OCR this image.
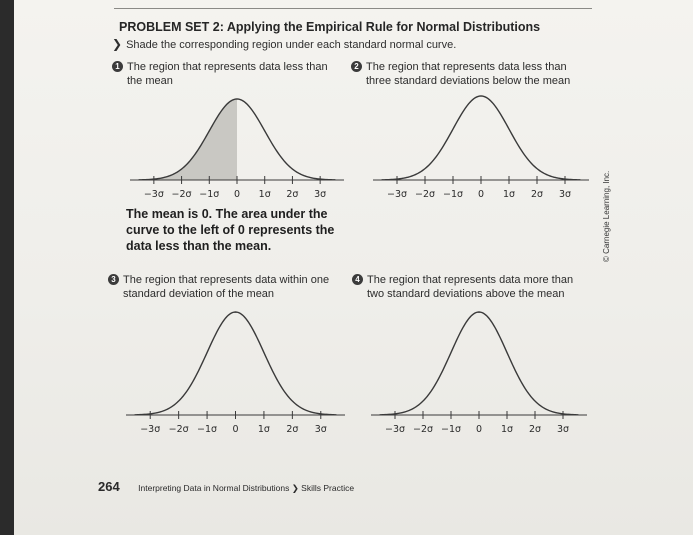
PROBLEM SET 2: Applying the Empirical Rule for Normal Distributions
❯ Shade the corresponding region under each standard normal curve.
1 The region that represents data less than
the mean
2 The region that represents data less than
three standard deviations below the mean
3 The region that represents data within one
standard deviation of the mean
4 The region that represents data more than
two standard deviations above the mean
−3σ −2σ −1σ 0 1σ 2σ 3σ	−3σ −2σ −1σ 0 1σ 2σ 3σ
−3σ −2σ −1σ 0 1σ 2σ 3σ	−3σ −2σ −1σ 0 1σ 2σ 3σ
The mean is 0. The area under the
curve to the left of 0 represents the
data less than the mean.
	© Carnegie Learning, Inc.
264 Interpreting Data in Normal Distributions ❯ Skills Practice
